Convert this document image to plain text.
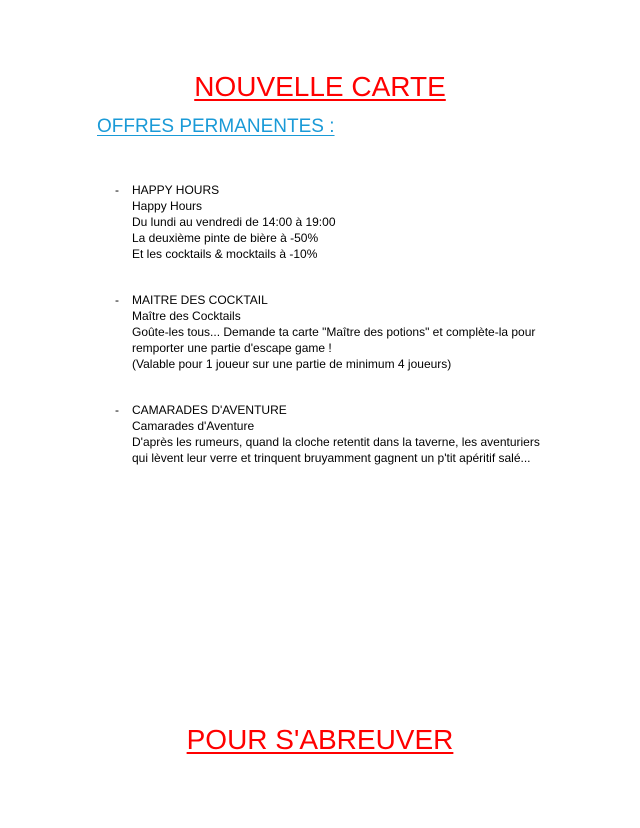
NOUVELLE CARTE
OFFRES PERMANENTES :
- HAPPY HOURS
Happy Hours
Du lundi au vendredi de 14:00 à 19:00
La deuxième pinte de bière à -50%
Et les cocktails & mocktails à -10%
- MAITRE DES COCKTAIL
Maître des Cocktails
Goûte-les tous... Demande ta carte "Maître des potions" et complète-la pour
remporter une partie d'escape game !
(Valable pour 1 joueur sur une partie de minimum 4 joueurs)
- CAMARADES D'AVENTURE
Camarades d'Aventure
D'après les rumeurs, quand la cloche retentit dans la taverne, les aventuriers
qui lèvent leur verre et trinquent bruyamment gagnent un p'tit apéritif salé...
POUR S'ABREUVER
